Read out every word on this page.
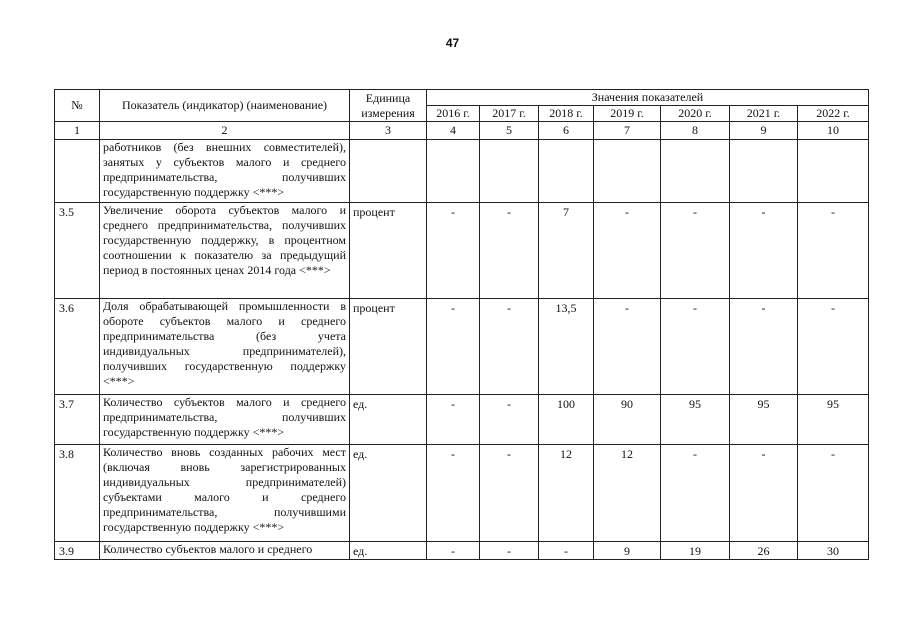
47
№	Показатель (индикатор) (наименование)	Единица измерения	Значения показателей						
			2016 г.	2017 г.	2018 г.	2019 г.	2020 г.	2021 г.	2022 г.
1	2	3	4	5	6	7	8	9	10
	работников (без внешних совместителей), занятых у субъектов малого и среднего предпринимательства, получивших государственную поддержку <***>								
3.5	Увеличение оборота субъектов малого и среднего предпринимательства, получивших государственную поддержку, в процентном соотношении к показателю за предыдущий период в постоянных ценах 2014 года <***>	процент	-	-	7	-	-	-	-
3.6	Доля обрабатывающей промышленности в обороте субъектов малого и среднего предпринимательства (без учета индивидуальных предпринимателей), получивших государственную поддержку <***>	процент	-	-	13,5	-	-	-	-
3.7	Количество субъектов малого и среднего предпринимательства, получивших государственную поддержку <***>	ед.	-	-	100	90	95	95	95
3.8	Количество вновь созданных рабочих мест (включая вновь зарегистрированных индивидуальных предпринимателей) субъектами малого и среднего предпринимательства, получившими государственную поддержку <***>	ед.	-	-	12	12	-	-	-
3.9	Количество субъектов малого и среднего	ед.	-	-	-	9	19	26	30
